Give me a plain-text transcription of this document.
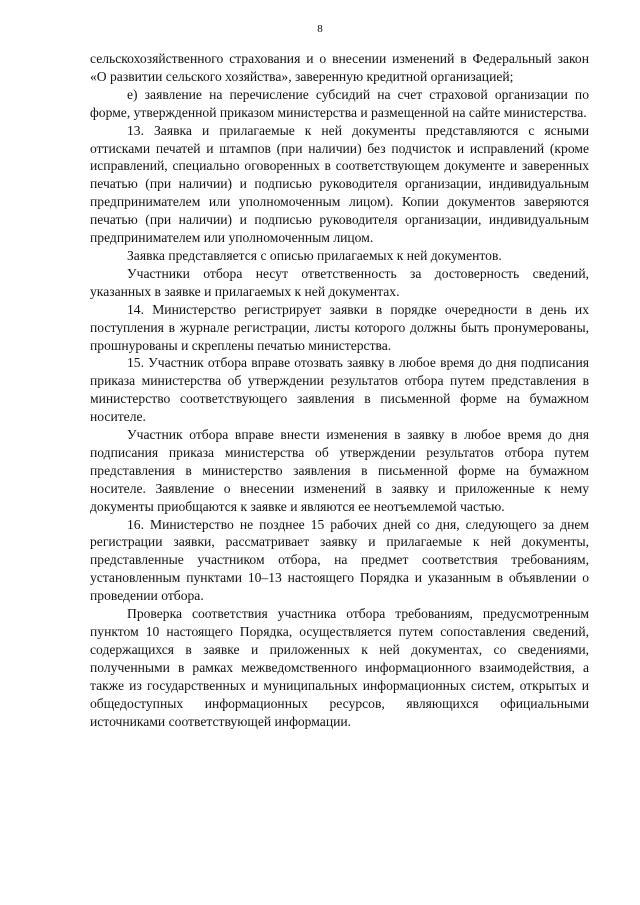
8

сельскохозяйственного страхования и о внесении изменений в Федеральный закон «О развитии сельского хозяйства», заверенную кредитной организацией;

е) заявление на перечисление субсидий на счет страховой организации по форме, утвержденной приказом министерства и размещенной на сайте министерства.

13. Заявка и прилагаемые к ней документы представляются с ясными оттисками печатей и штампов (при наличии) без подчисток и исправлений (кроме исправлений, специально оговоренных в соответствующем документе и заверенных печатью (при наличии) и подписью руководителя организации, индивидуальным предпринимателем или уполномоченным лицом). Копии документов заверяются печатью (при наличии) и подписью руководителя организации, индивидуальным предпринимателем или уполномоченным лицом.

Заявка представляется с описью прилагаемых к ней документов.

Участники отбора несут ответственность за достоверность сведений, указанных в заявке и прилагаемых к ней документах.

14. Министерство регистрирует заявки в порядке очередности в день их поступления в журнале регистрации, листы которого должны быть пронумерованы, прошнурованы и скреплены печатью министерства.

15. Участник отбора вправе отозвать заявку в любое время до дня подписания приказа министерства об утверждении результатов отбора путем представления в министерство соответствующего заявления в письменной форме на бумажном носителе.

Участник отбора вправе внести изменения в заявку в любое время до дня подписания приказа министерства об утверждении результатов отбора путем представления в министерство заявления в письменной форме на бумажном носителе. Заявление о внесении изменений в заявку и приложенные к нему документы приобщаются к заявке и являются ее неотъемлемой частью.

16. Министерство не позднее 15 рабочих дней со дня, следующего за днем регистрации заявки, рассматривает заявку и прилагаемые к ней документы, представленные участником отбора, на предмет соответствия требованиям, установленным пунктами 10–13 настоящего Порядка и указанным в объявлении о проведении отбора.

Проверка соответствия участника отбора требованиям, предусмотренным пунктом 10 настоящего Порядка, осуществляется путем сопоставления сведений, содержащихся в заявке и приложенных к ней документах, со сведениями, полученными в рамках межведомственного информационного взаимодействия, а также из государственных и муниципальных информационных систем, открытых и общедоступных информационных ресурсов, являющихся официальными источниками соответствующей информации.
